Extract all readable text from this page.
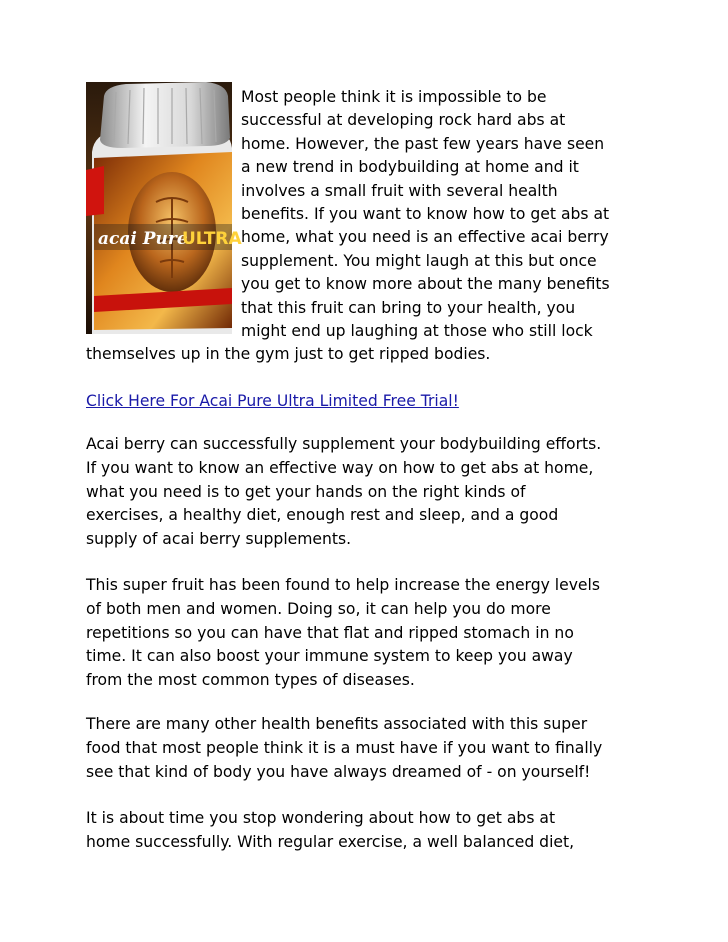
acai Pure
ULTRA

Most people think it is impossible to be
successful at developing rock hard abs at
home. However, the past few years have seen
a new trend in bodybuilding at home and it
involves a small fruit with several health
benefits. If you want to know how to get abs at
home, what you need is an effective acai berry
supplement. You might laugh at this but once
you get to know more about the many benefits
that this fruit can bring to your health, you
might end up laughing at those who still lock
themselves up in the gym just to get ripped bodies.

Click Here For Acai Pure Ultra Limited Free Trial!

Acai berry can successfully supplement your bodybuilding efforts.
If you want to know an effective way on how to get abs at home,
what you need is to get your hands on the right kinds of
exercises, a healthy diet, enough rest and sleep, and a good
supply of acai berry supplements.

This super fruit has been found to help increase the energy levels
of both men and women. Doing so, it can help you do more
repetitions so you can have that flat and ripped stomach in no
time. It can also boost your immune system to keep you away
from the most common types of diseases.

There are many other health benefits associated with this super
food that most people think it is a must have if you want to finally
see that kind of body you have always dreamed of - on yourself!

It is about time you stop wondering about how to get abs at
home successfully. With regular exercise, a well balanced diet,
